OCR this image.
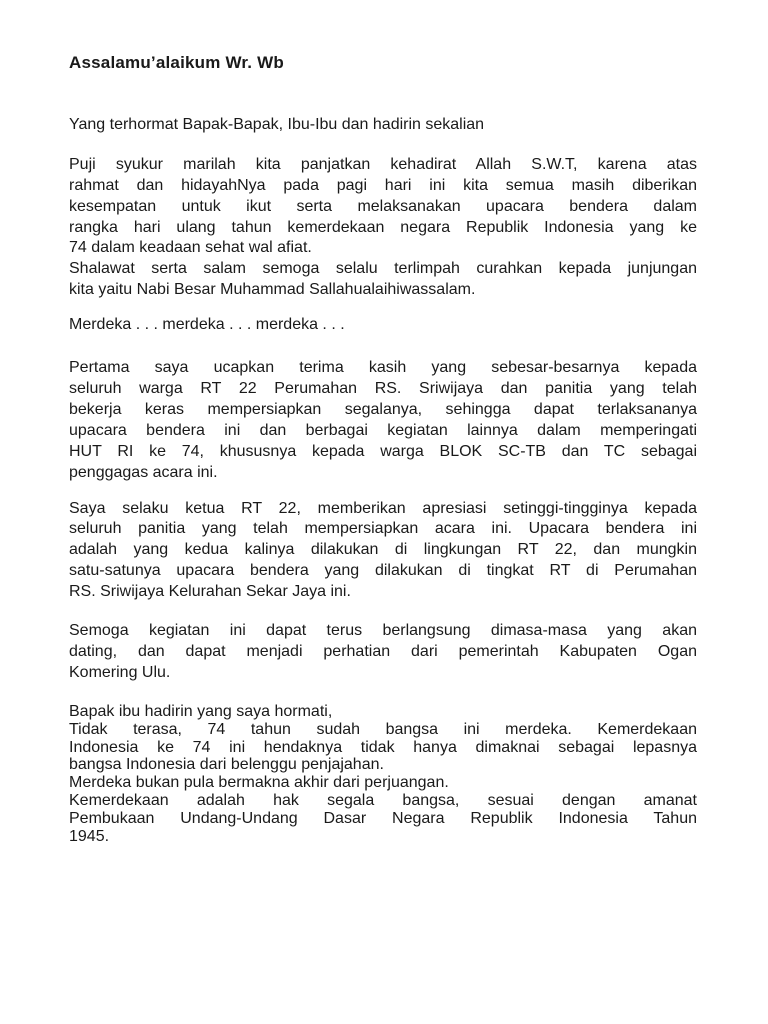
Assalamu’alaikum Wr. Wb
Yang terhormat Bapak-Bapak, Ibu-Ibu dan hadirin sekalian
Puji syukur marilah kita panjatkan kehadirat Allah S.W.T, karena atas
rahmat dan hidayahNya pada pagi hari ini kita semua masih diberikan
kesempatan untuk ikut serta melaksanakan upacara bendera dalam
rangka hari ulang tahun kemerdekaan negara Republik Indonesia yang ke
74 dalam keadaan sehat wal afiat.
Shalawat serta salam semoga selalu terlimpah curahkan kepada junjungan
kita yaitu Nabi Besar Muhammad Sallahualaihiwassalam.
Merdeka . . . merdeka . . . merdeka . . .
Pertama saya ucapkan terima kasih yang sebesar-besarnya kepada
seluruh warga RT 22 Perumahan RS. Sriwijaya dan panitia yang telah
bekerja keras mempersiapkan segalanya, sehingga dapat terlaksananya
upacara bendera ini dan berbagai kegiatan lainnya dalam memperingati
HUT RI ke 74, khususnya kepada warga BLOK SC-TB dan TC sebagai
penggagas acara ini.
Saya selaku ketua RT 22, memberikan apresiasi setinggi-tingginya kepada
seluruh panitia yang telah mempersiapkan acara ini. Upacara bendera ini
adalah yang kedua kalinya dilakukan di lingkungan RT 22, dan mungkin
satu-satunya upacara bendera yang dilakukan di tingkat RT di Perumahan
RS. Sriwijaya Kelurahan Sekar Jaya ini.
Semoga kegiatan ini dapat terus berlangsung dimasa-masa yang akan
dating, dan dapat menjadi perhatian dari pemerintah Kabupaten Ogan
Komering Ulu.
Bapak ibu hadirin yang saya hormati,
Tidak terasa, 74 tahun sudah bangsa ini merdeka. Kemerdekaan
Indonesia ke 74 ini hendaknya tidak hanya dimaknai sebagai lepasnya
bangsa Indonesia dari belenggu penjajahan.
Merdeka bukan pula bermakna akhir dari perjuangan.
Kemerdekaan adalah hak segala bangsa, sesuai dengan amanat
Pembukaan Undang-Undang Dasar Negara Republik Indonesia Tahun
1945.
